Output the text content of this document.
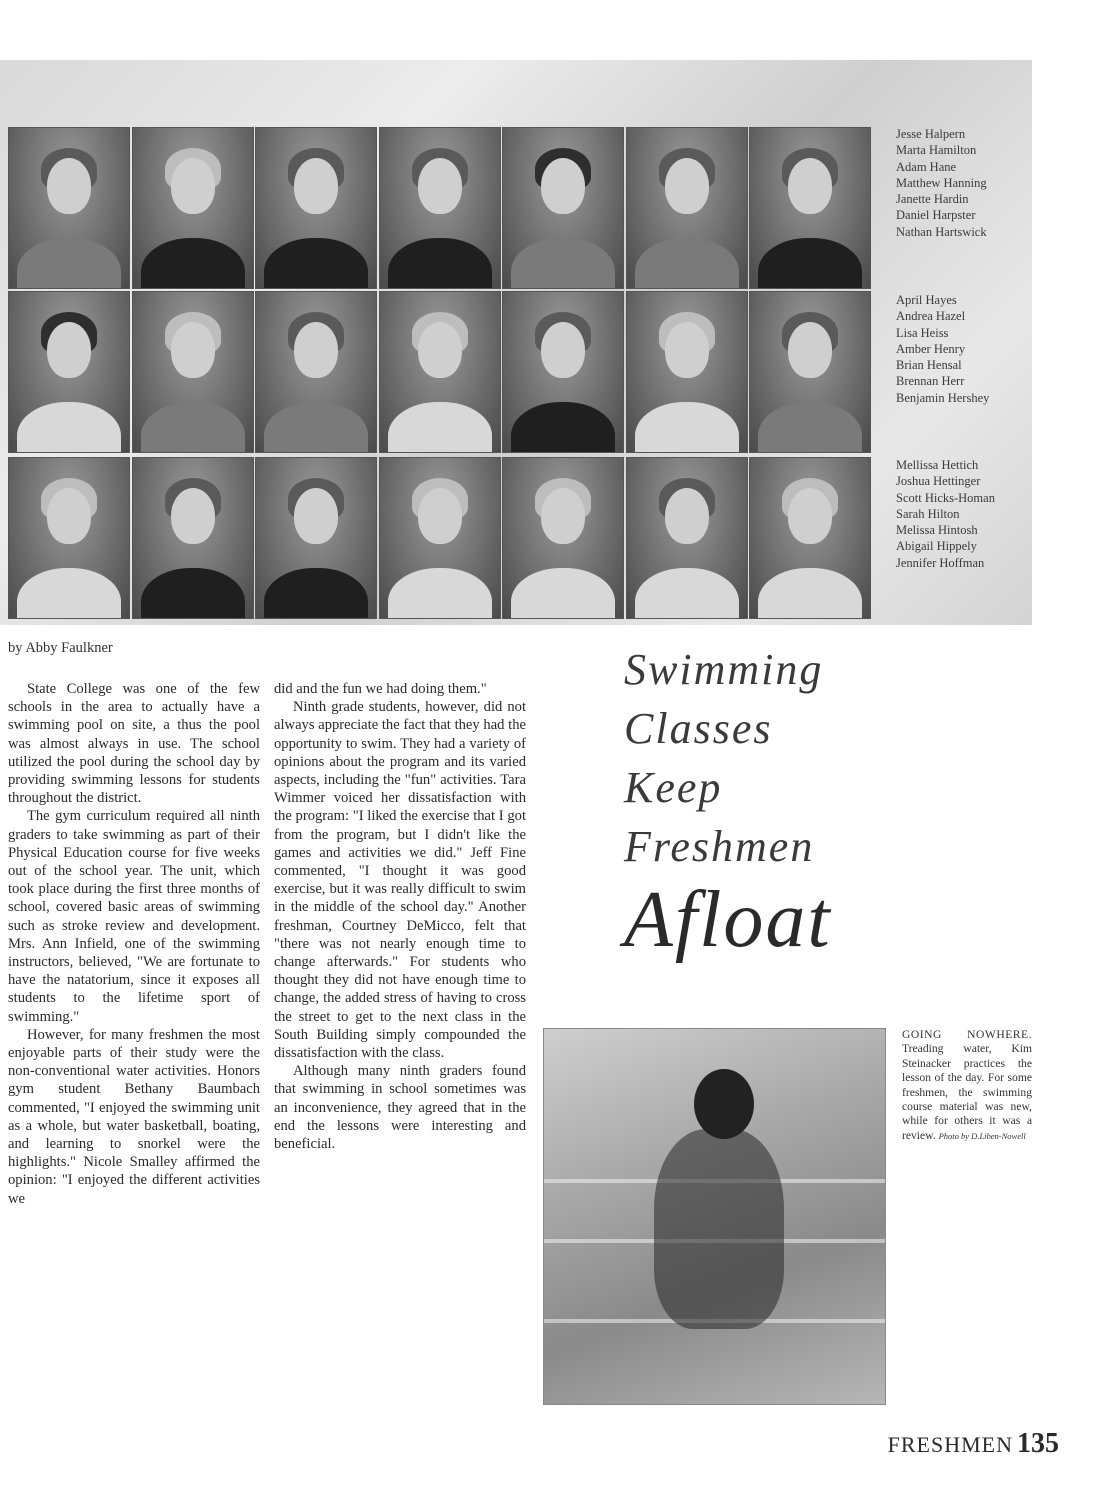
Jesse Halpern
Marta Hamilton
Adam Hane
Matthew Hanning
Janette Hardin
Daniel Harpster
Nathan Hartswick
April Hayes
Andrea Hazel
Lisa Heiss
Amber Henry
Brian Hensal
Brennan Herr
Benjamin Hershey
Mellissa Hettich
Joshua Hettinger
Scott Hicks-Homan
Sarah Hilton
Melissa Hintosh
Abigail Hippely
Jennifer Hoffman
by Abby Faulkner

State College was one of the few schools in the area to actually have a swimming pool on site, a thus the pool was almost always in use. The school utilized the pool during the school day by providing swimming lessons for students throughout the district.

The gym curriculum required all ninth graders to take swimming as part of their Physical Education course for five weeks out of the school year. The unit, which took place during the first three months of school, covered basic areas of swimming such as stroke review and development. Mrs. Ann Infield, one of the swimming instructors, believed, "We are fortunate to have the natatorium, since it exposes all students to the lifetime sport of swimming."

However, for many freshmen the most enjoyable parts of their study were the non-conventional water activities. Honors gym student Bethany Baumbach commented, "I enjoyed the swimming unit as a whole, but water basketball, boating, and learning to snorkel were the highlights." Nicole Smalley affirmed the opinion: "I enjoyed the different activities we

did and the fun we had doing them."

Ninth grade students, however, did not always appreciate the fact that they had the opportunity to swim. They had a variety of opinions about the program and its varied aspects, including the "fun" activities. Tara Wimmer voiced her dissatisfaction with the program: "I liked the exercise that I got from the program, but I didn't like the games and activities we did." Jeff Fine commented, "I thought it was good exercise, but it was really difficult to swim in the middle of the school day." Another freshman, Courtney DeMicco, felt that "there was not nearly enough time to change afterwards." For students who thought they did not have enough time to change, the added stress of having to cross the street to get to the next class in the South Building simply compounded the dissatisfaction with the class.

Although many ninth graders found that swimming in school sometimes was an inconvenience, they agreed that in the end the lessons were interesting and beneficial.

Swimming
Classes
Keep
Freshmen
Afloat
GOING NOWHERE. Treading water, Kim Steinacker practices the lesson of the day. For some freshmen, the swimming course material was new, while for others it was a review. Photo by D.Liben-Nowell
FRESHMEN 135
